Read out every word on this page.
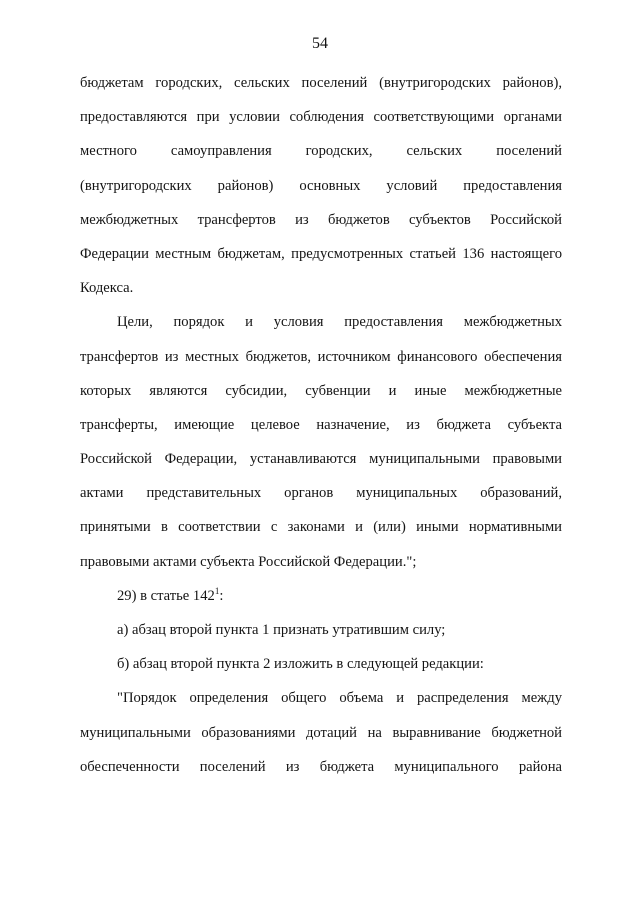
54
бюджетам городских, сельских поселений (внутригородских районов),
предоставляются при условии соблюдения соответствующими органами
местного самоуправления городских, сельских поселений
(внутригородских районов) основных условий предоставления
межбюджетных трансфертов из бюджетов субъектов Российской
Федерации местным бюджетам, предусмотренных статьей 136 настоящего
Кодекса.
Цели, порядок и условия предоставления межбюджетных
трансфертов из местных бюджетов, источником финансового обеспечения
которых являются субсидии, субвенции и иные межбюджетные
трансферты, имеющие целевое назначение, из бюджета субъекта
Российской Федерации, устанавливаются муниципальными правовыми
актами представительных органов муниципальных образований,
принятыми в соответствии с законами и (или) иными нормативными
правовыми актами субъекта Российской Федерации.";
29) в статье $142^1$:
а) абзац второй пункта 1 признать утратившим силу;
б) абзац второй пункта 2 изложить в следующей редакции:
"Порядок определения общего объема и распределения между
муниципальными образованиями дотаций на выравнивание бюджетной
обеспеченности поселений из бюджета муниципального района
